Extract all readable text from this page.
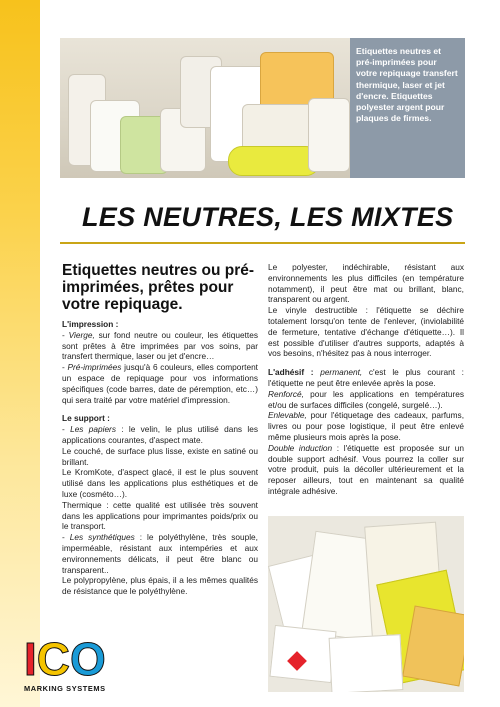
Etiquettes neutres et pré-imprimées pour votre repiquage transfert thermique, laser et jet d'encre. Etiquettes polyester argent pour plaques de firmes.
LES NEUTRES, LES MIXTES
Etiquettes neutres ou pré-imprimées, prêtes pour votre repiquage.

L'impression :

- Vierge, sur fond neutre ou couleur, les étiquettes sont prêtes à être imprimées par vos soins, par transfert thermique, laser ou jet d'encre…

- Pré-imprimées jusqu'à 6 couleurs, elles comportent un espace de repiquage pour vos informations spécifiques (code barres, date de péremption, etc…) qui sera traité par votre matériel d'impression.

Le support :

- Les papiers : le velin, le plus utilisé dans les applications courantes, d'aspect mate.

Le couché, de surface plus lisse, existe en satiné ou brillant.

Le KromKote, d'aspect glacé, il est le plus souvent utilisé dans les applications plus esthétiques et de luxe (cosméto…).

Thermique : cette qualité est utilisée très souvent dans les applications pour imprimantes poids/prix ou le transport.

- Les synthétiques : le polyéthylène, très souple, imperméable, résistant aux intempéries et aux environnements délicats, il peut être blanc ou transparent..

Le polypropylène, plus épais, il a les mêmes qualités de résistance que le polyéthylène.

Le polyester, indéchirable, résistant aux environnements les plus difficiles (en température notamment), il peut être mat ou brillant, blanc, transparent ou argent.

Le vinyle destructible : l'étiquette se déchire totalement lorsqu'on tente de l'enlever, (inviolabilité de fermeture, tentative d'échange d'étiquette…). Il est possible d'utiliser d'autres supports, adaptés à vos besoins, n'hésitez pas à nous interroger.

L'adhésif : permanent, c'est le plus courant : l'étiquette ne peut être enlevée après la pose.

Renforcé, pour les applications en températures et/ou de surfaces difficiles (congelé, surgelé…).

Enlevable, pour l'étiquetage des cadeaux, parfums, livres ou pour pose logistique, il peut être enlevé même plusieurs mois après la pose.

Double induction : l'étiquette est proposée sur un double support adhésif. Vous pourrez la coller sur votre produit, puis la décoller ultérieurement et la reposer ailleurs, tout en maintenant sa qualité intégrale adhésive.

I C O
MARKING SYSTEMS
